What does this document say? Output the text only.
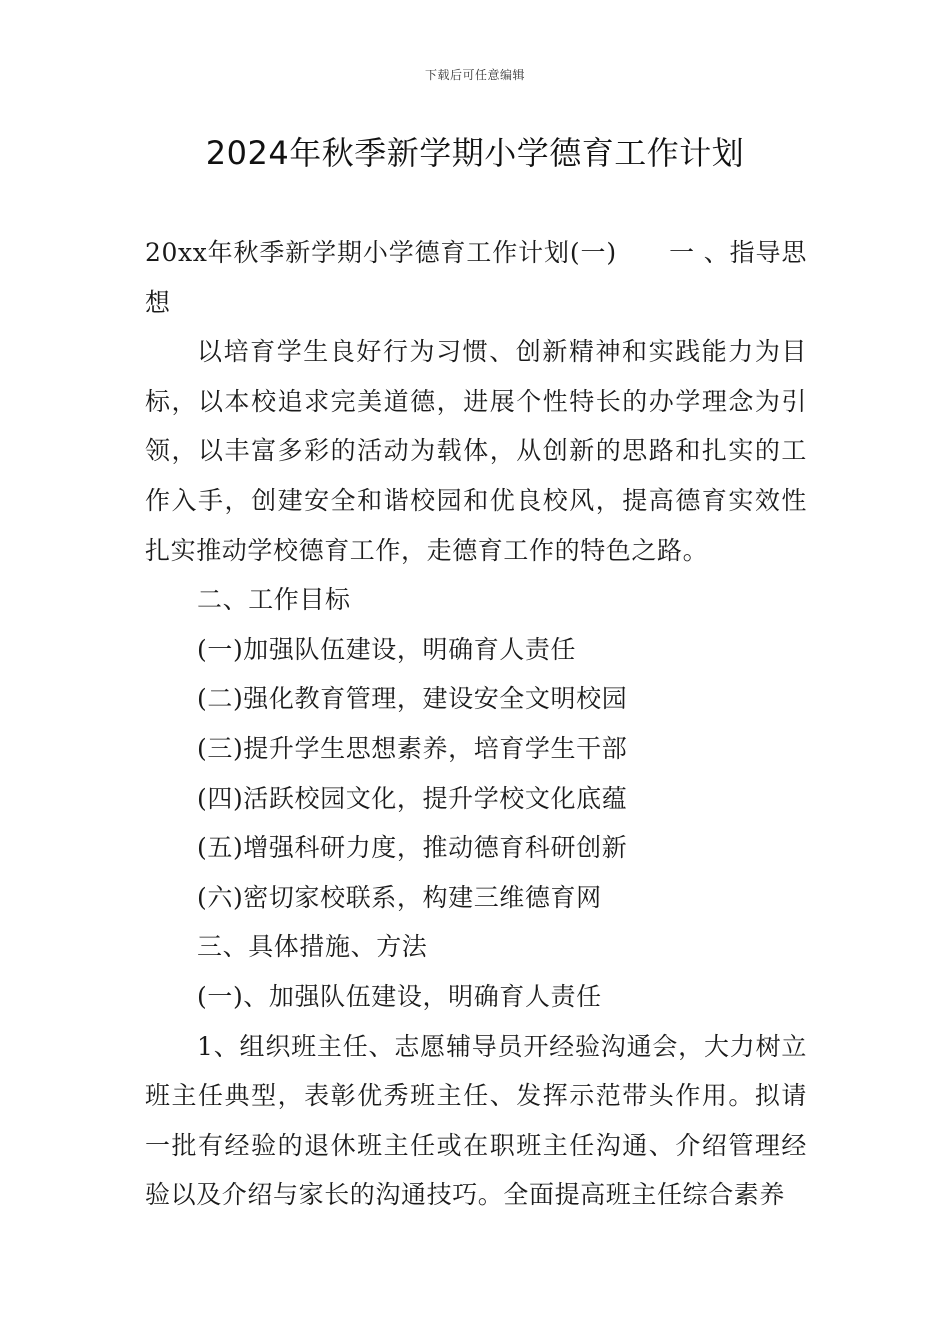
下载后可任意编辑
2024年秋季新学期小学德育工作计划

20xx年秋季新学期小学德育工作计划(一) 一 、指导思想

以培育学生良好行为习惯、创新精神和实践能力为目标，以本校追求完美道德，进展个性特长的办学理念为引领，以丰富多彩的活动为载体，从创新的思路和扎实的工作入手，创建安全和谐校园和优良校风，提高德育实效性扎实推动学校德育工作，走德育工作的特色之路。

二、工作目标

(一)加强队伍建设，明确育人责任

(二)强化教育管理，建设安全文明校园

(三)提升学生思想素养，培育学生干部

(四)活跃校园文化，提升学校文化底蕴

(五)增强科研力度，推动德育科研创新

(六)密切家校联系，构建三维德育网

三、具体措施、方法

(一)、加强队伍建设，明确育人责任

1、组织班主任、志愿辅导员开经验沟通会，大力树立班主任典型，表彰优秀班主任、发挥示范带头作用。拟请一批有经验的退休班主任或在职班主任沟通、介绍管理经验以及介绍与家长的沟通技巧。全面提高班主任综合素养
